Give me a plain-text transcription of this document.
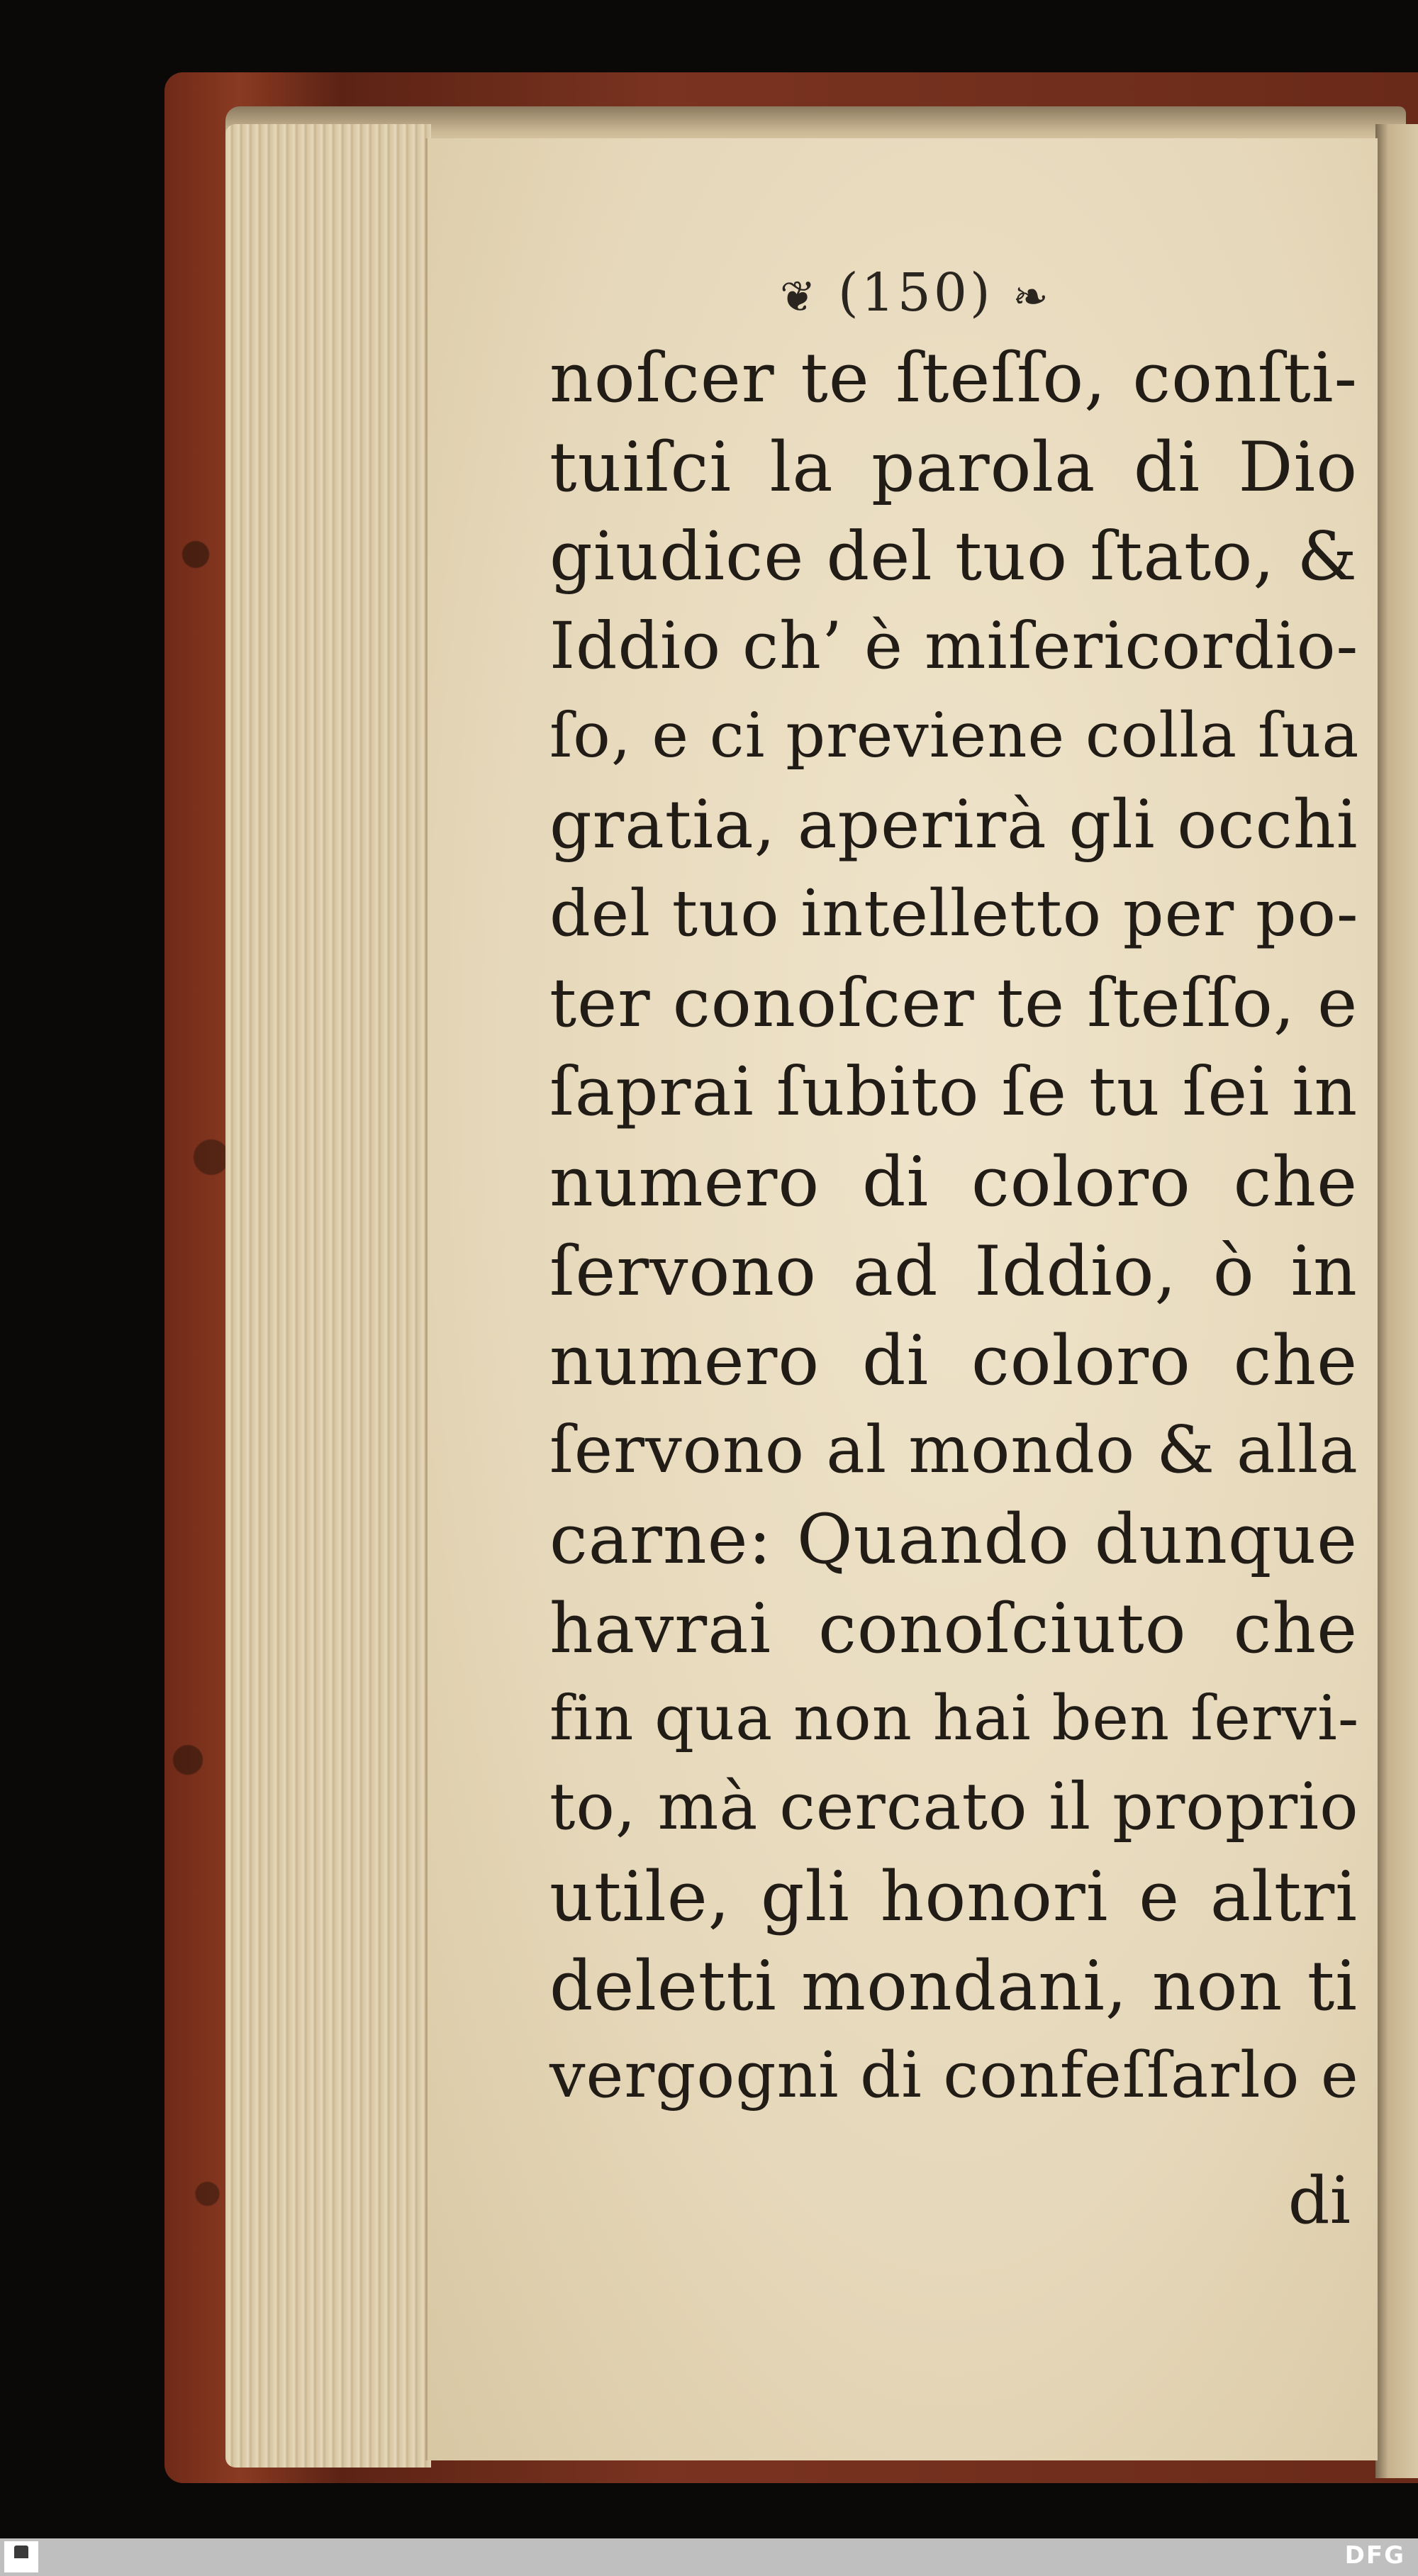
❦ (150) ❧
noſcer te ſteſſo, conſti-
tuiſci la parola di Dio
giudice del tuo ſtato, &
Iddio ch’ è miſericordio-
ſo, e ci previene colla ſua
gratia, aperirà gli occhi
del tuo intelletto per po-
ter conoſcer te ſteſſo, e
ſaprai ſubito ſe tu ſei in
numero di coloro che
ſervono ad Iddio, ò in
numero di coloro che
ſervono al mondo & alla
carne: Quando dunque
havrai conoſciuto che
fin qua non hai ben ſervi-
to, mà cercato il proprio
utile, gli honori e altri
deletti mondani, non ti
vergogni di confeſſarlo e
di
DFG
